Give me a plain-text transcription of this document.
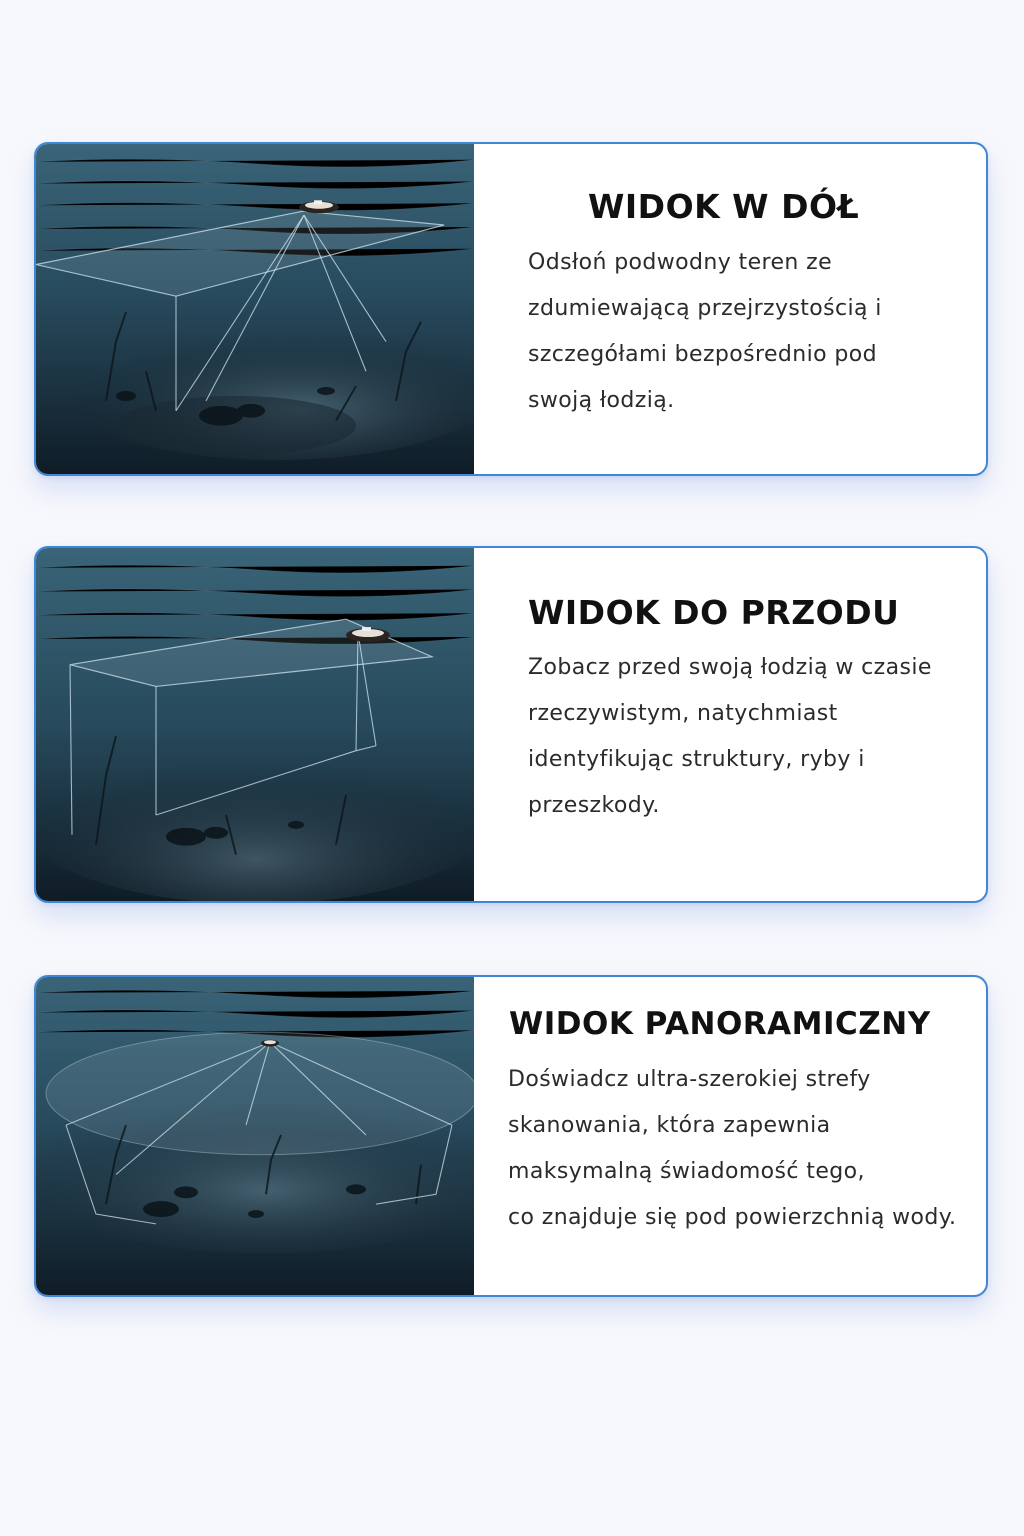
WIDOK W DÓŁ

Odsłoń podwodny teren ze
zdumiewającą przejrzystością i
szczegółami bezpośrednio pod
swoją łodzią.

WIDOK DO PRZODU

Zobacz przed swoją łodzią w czasie
rzeczywistym, natychmiast
identyfikując struktury, ryby i
przeszkody.

WIDOK PANORAMICZNY

Doświadcz ultra-szerokiej strefy
skanowania, która zapewnia
maksymalną świadomość tego,
co znajduje się pod powierzchnią wody.
